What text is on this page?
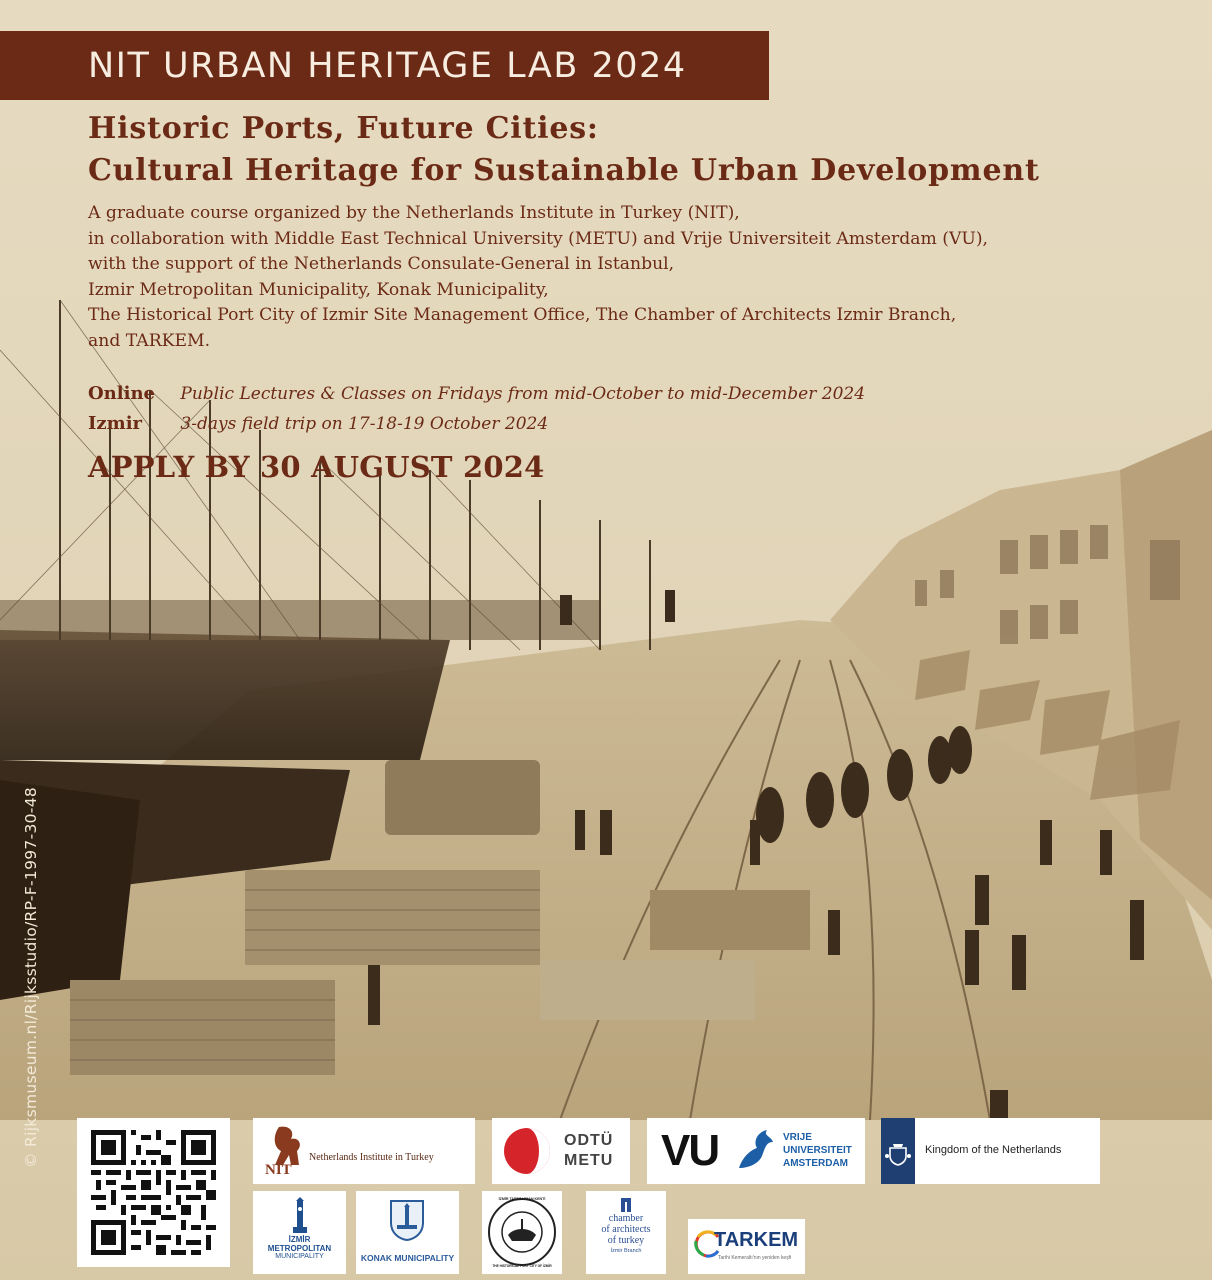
NIT URBAN HERITAGE LAB 2024
Historic Ports, Future Cities:
Cultural Heritage for Sustainable Urban Development
A graduate course organized by the Netherlands Institute in Turkey (NIT),
in collaboration with Middle East Technical University (METU) and Vrije Universiteit Amsterdam (VU),
with the support of the Netherlands Consulate-General in Istanbul,
Izmir Metropolitan Municipality, Konak Municipality,
The Historical Port City of Izmir Site Management Office, The Chamber of Architects Izmir Branch,
and TARKEM.
Online Public Lectures & Classes on Fridays from mid-October to mid-December 2024
Izmir 3-days field trip on 17-18-19 October 2024
APPLY BY 30 AUGUST 2024
© Rijksmuseum.nl/Rijksstudio/RP-F-1997-30-48
NIT
Netherlands Institute in Turkey
ODTÜ
METU VU	VRIJE
UNIVERSITEIT
AMSTERDAM
Kingdom of the Netherlands
İZMİR
METROPOLITAN
MUNICIPALITY	KONAK MUNICIPALITY
İZMİR TARİHİ LİMAN KENTİ
THE HISTORICAL PORT CITY OF İZMİR
chamber
of architects
of turkey
İzmir Branch	TARKEM
Tarihi Kemeraltı'nın yeniden keşfi
